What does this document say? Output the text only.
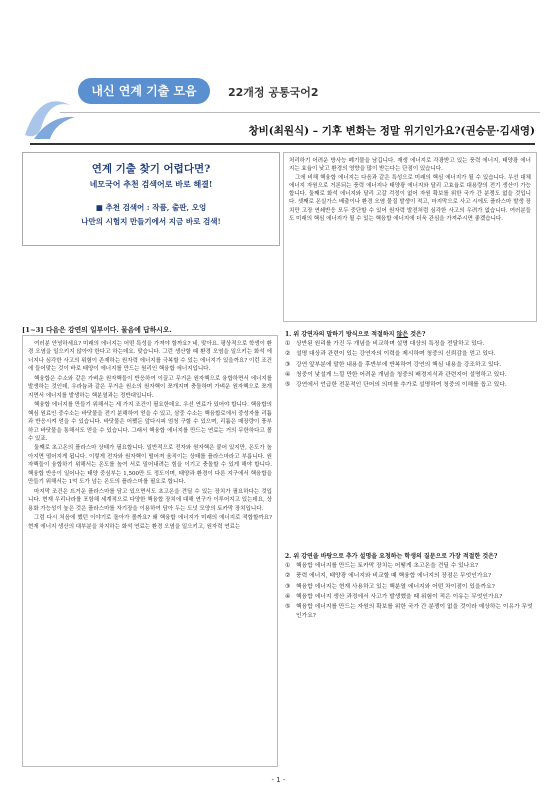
내신 연계 기출 모음	22개정 공통국어2
창비(최원식) – 기후 변화는 정말 위기인가요?(권승문·김새영)
연계 기출 찾기 어렵다면?
네모국어 추천 검색어로 바로 해결!
■ 추천 검색어 : 작품, 출판, 오엉
나만의 시험지 만들기에서 지금 바로 검색!
[1~3] 다음은 강연의 일부이다. 물음에 답하시오.

여러분 안녕하세요? 미래의 에너지는 어떤 특성을 가져야 할까요? 네, 맞아요. 평상적으로 학생이 환경 오염을 일으키지 않아야 한다고 하는데요. 맞습니다. 그런 생산할 때 환경 오염을 일으키는 화석 에너지나 심각한 사고의 위험이 존재하는 원자력 에너지를 극복할 수 있는 에너지가 있을까요? 이런 조건에 들어맞는 것이 바로 태양이 에너지를 만드는 원리인 핵융합 에너지입니다.

핵융합은 수소와 같은 가벼운 원자핵들이 반응하여 이끌고 무거운 원자핵으로 융합하면서 에너지를 발생하는 것인데, 우라늄과 같은 무거운 원소의 원자핵이 쪼개지며 충돌하며 가벼운 원자핵으로 쪼개지면서 에너지를 발생하는 핵분열과는 정반대입니다.

핵융합 에너지를 만들기 위해서는 세 가지 조건이 필요한데요. 우선 연료가 있어야 합니다. 핵융합의 핵심 원료인 중수소는 바닷물을 전기 분해하여 얻을 수 있고, 삼중 수소는 핵융합로에서 중성자를 리튬과 반응시켜 얻을 수 있습니다. 바닷물은 어쨌든 앞다시피 엄청 구할 수 있으며, 리튬은 매장량이 풍부하고 바닷물을 통해서도 얻을 수 있습니다. 그래서 핵융합 에너지를 만드는 연료는 거의 무한하다고 볼 수 있죠.

둘째로 초고온의 플라스마 상태가 필요합니다. 일반적으로 전자와 원자핵은 붙어 있지만, 온도가 높아지면 떨어지게 됩니다. 이렇게 전자와 원자핵이 떨어져 움직이는 상태를 플라스마라고 부릅니다. 원자핵들이 융합하기 위해서는 온도를 높여 서로 밀어내려는 힘을 이기고 충돌할 수 있게 해야 합니다. 핵융합 반응이 일어나는 태양 중심부는 1,500만 도 정도이며, 태양과 환경이 다른 지구에서 핵융합을 만들기 위해서는 1억 도가 넘는 온도의 플라스마를 필요로 합니다.

마지막 조건은 뜨거운 플라스마를 담고 있으면서도 초고온을 견딜 수 있는 장치가 필요하다는 것입니다. 현재 우리나라를 포함해 세계적으로 다양한 핵융합 장치에 대해 연구가 이루어지고 있는데요, 상용화 가능성이 높은 것은 플라스마를 자기장을 이용하여 담아 두는 도넛 모양의 토카막 장치입니다.

그럼 다시 처음에 했던 이야기로 돌아가 볼까요? 왜 핵융합 에너지가 미래의 에너지로 적합할까요? 현재 에너지 생산의 대부분을 차지하는 화석 연료는 환경 오염을 일으키고, 원자력 연료는

처리하기 어려운 방사능 폐기물을 남깁니다. 재생 에너지로 각광받고 있는 풍력 에너지, 태양광 에너지는 효율이 낮고 환경의 영향을 많이 받는다는 단점이 있습니다.

그에 비해 핵융합 에너지는 다음과 같은 특성으로 미래의 핵심 에너지가 될 수 있습니다. 우선 대체 에너지 자원으로 거론되는 풍력 에너지나 태양광 에너지와 달리 고효율로 대용량의 전기 생산이 가능합니다. 둘째로 화석 에너지와 달리 고갈 걱정이 없어 자원 확보를 위한 국가 간 분쟁도 없을 것입니다. 셋째로 온실가스 배출이나 환경 오염 물질 발생이 적고, 마지막으로 사고 시에도 플라스마 발생 장치만 고장 연쇄반응 모두 중단할 수 있어 원자력 발전처럼 심각한 사고의 우려가 없습니다. 여러분들도 미래의 핵심 에너지가 될 수 있는 핵융합 에너지에 더욱 관심을 가져주시면 좋겠습니다.

1. 위 강연자의 말하기 방식으로 적절하지 않은 것은?
① 상반된 원리를 가진 두 개념을 비교하며 설명 대상의 특징을 전달하고 있다.
② 설명 대상과 관련이 있는 강연자의 이력을 제시하며 청중의 신뢰감을 얻고 있다.
③ 강연 앞부분에 말한 내용을 후반부에 반복하여 강연의 핵심 내용을 강조하고 있다.
④ 청중이 낯설게 느낄 만한 어려운 개념을 청중의 배경지식과 관련지어 설명하고 있다.
⑤ 강연에서 언급한 전문적인 단어의 의미를 추가로 설명하여 청중의 이해를 돕고 있다.
2. 위 강연을 바탕으로 추가 설명을 요청하는 학생의 질문으로 가장 적절한 것은?
① 핵융합 에너지를 만드는 토카막 장치는 어떻게 초고온을 견딜 수 있나요?
② 풍력 에너지, 태양광 에너지와 비교할 때 핵융합 에너지의 장점은 무엇인가요?
③ 핵융합 에너지는 현재 사용하고 있는 핵분열 에너지와 어떤 차이점이 있을까요?
④ 핵융합 에너지 생산 과정에서 사고가 발생했을 때 위험이 적은 이유는 무엇인가요?
⑤ 핵융합 에너지를 만드는 자원의 확보를 위한 국가 간 분쟁이 없을 것이라 예상하는 이유가 무엇인가요?
- 1 -
